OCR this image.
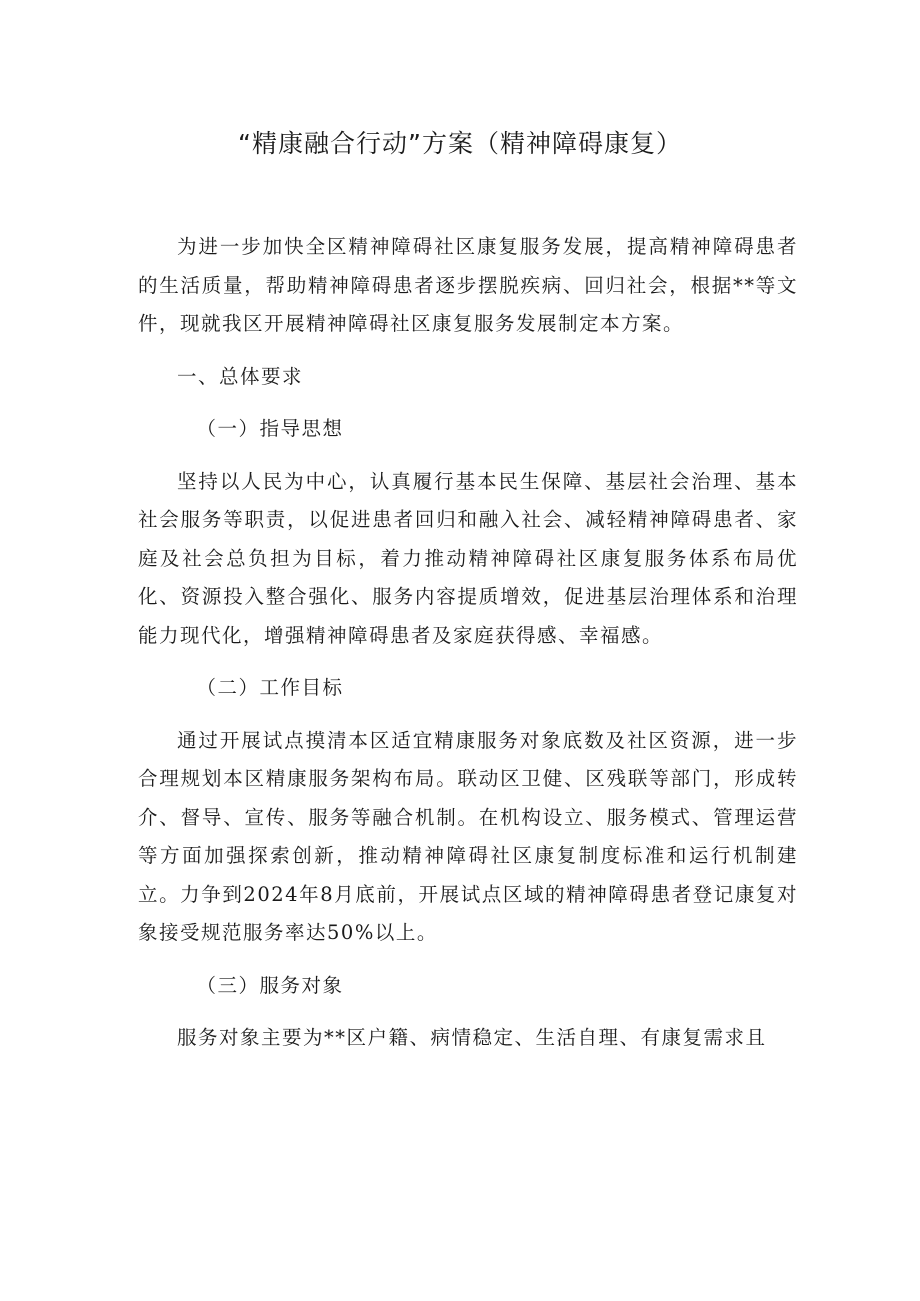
“精康融合行动”方案（精神障碍康复）

为进一步加快全区精神障碍社区康复服务发展，提高精神障碍患者的生活质量，帮助精神障碍患者逐步摆脱疾病、回归社会，根据**等文件，现就我区开展精神障碍社区康复服务发展制定本方案。

一、总体要求

（一）指导思想

坚持以人民为中心，认真履行基本民生保障、基层社会治理、基本社会服务等职责，以促进患者回归和融入社会、减轻精神障碍患者、家庭及社会总负担为目标，着力推动精神障碍社区康复服务体系布局优化、资源投入整合强化、服务内容提质增效，促进基层治理体系和治理能力现代化，增强精神障碍患者及家庭获得感、幸福感。

（二）工作目标

通过开展试点摸清本区适宜精康服务对象底数及社区资源，进一步合理规划本区精康服务架构布局。联动区卫健、区残联等部门，形成转介、督导、宣传、服务等融合机制。在机构设立、服务模式、管理运营等方面加强探索创新，推动精神障碍社区康复制度标准和运行机制建立。力争到2024年8月底前，开展试点区域的精神障碍患者登记康复对象接受规范服务率达50%以上。

（三）服务对象

服务对象主要为**区户籍、病情稳定、生活自理、有康复需求且
